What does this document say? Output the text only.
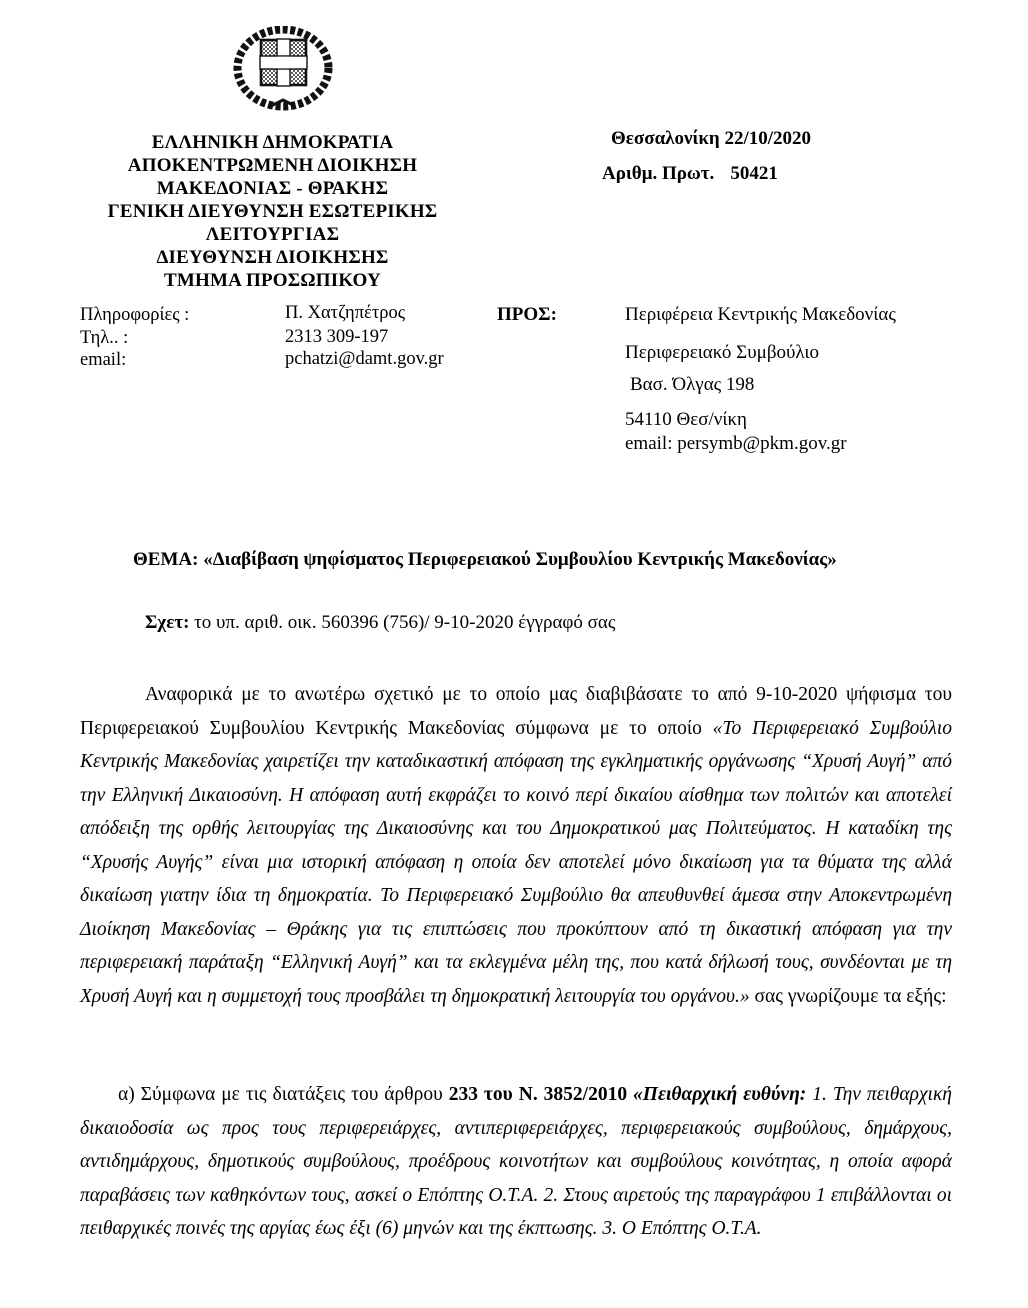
ΕΛΛΗΝΙΚΗ ΔΗΜΟΚΡΑΤΙΑ
ΑΠΟΚΕΝΤΡΩΜΕΝΗ ΔΙΟΙΚΗΣΗ
ΜΑΚΕΔΟΝΙΑΣ - ΘΡΑΚΗΣ
ΓΕΝΙΚΗ ΔΙΕΥΘΥΝΣΗ ΕΣΩΤΕΡΙΚΗΣ
ΛΕΙΤΟΥΡΓΙΑΣ
ΔΙΕΥΘΥΝΣΗ ΔΙΟΙΚΗΣΗΣ
ΤΜΗΜΑ ΠΡΟΣΩΠΙΚΟΥ
Θεσσαλονίκη 22/10/2020
Αριθμ. Πρωτ. 50421
Πληροφορίες :
Τηλ.. :
email:
Π. Χατζηπέτρος
2313 309-197
pchatzi@damt.gov.gr
ΠΡΟΣ:	Περιφέρεια Κεντρικής Μακεδονίας
Περιφερειακό Συμβούλιο
Βασ. Όλγας 198
54110 Θεσ/νίκη
email: persymb@pkm.gov.gr
ΘΕΜΑ: «Διαβίβαση ψηφίσματος Περιφερειακού Συμβουλίου Κεντρικής Μακεδονίας»
Σχετ: το υπ. αριθ. οικ. 560396 (756)/ 9-10-2020 έγγραφό σας
Αναφορικά με το ανωτέρω σχετικό με το οποίο μας διαβιβάσατε το από 9-10-2020 ψήφισμα του Περιφερειακού Συμβουλίου Κεντρικής Μακεδονίας σύμφωνα με το οποίο «Το Περιφερειακό Συμβούλιο Κεντρικής Μακεδονίας χαιρετίζει την καταδικαστική απόφαση της εγκληματικής οργάνωσης “Χρυσή Αυγή” από την Ελληνική Δικαιοσύνη. Η απόφαση αυτή εκφράζει το κοινό περί δικαίου αίσθημα των πολιτών και αποτελεί απόδειξη της ορθής λειτουργίας της Δικαιοσύνης και του Δημοκρατικού μας Πολιτεύματος. Η καταδίκη της “Χρυσής Αυγής” είναι μια ιστορική απόφαση η οποία δεν αποτελεί μόνο δικαίωση για τα θύματα της αλλά δικαίωση γιατην ίδια τη δημοκρατία. Το Περιφερειακό Συμβούλιο θα απευθυνθεί άμεσα στην Αποκεντρωμένη Διοίκηση Μακεδονίας – Θράκης για τις επιπτώσεις που προκύπτουν από τη δικαστική απόφαση για την περιφερειακή παράταξη “Ελληνική Αυγή” και τα εκλεγμένα μέλη της, που κατά δήλωσή τους, συνδέονται με τη Χρυσή Αυγή και η συμμετοχή τους προσβάλει τη δημοκρατική λειτουργία του οργάνου.» σας γνωρίζουμε τα εξής:
α) Σύμφωνα με τις διατάξεις του άρθρου 233 του Ν. 3852/2010 «Πειθαρχική ευθύνη: 1. Την πειθαρχική δικαιοδοσία ως προς τους περιφερειάρχες, αντιπεριφερειάρχες, περιφερειακούς συμβούλους, δημάρχους, αντιδημάρχους, δημοτικούς συμβούλους, προέδρους κοινοτήτων και συμβούλους κοινότητας, η οποία αφορά παραβάσεις των καθηκόντων τους, ασκεί ο Επόπτης Ο.Τ.Α. 2. Στους αιρετούς της παραγράφου 1 επιβάλλονται οι πειθαρχικές ποινές της αργίας έως έξι (6) μηνών και της έκπτωσης. 3. Ο Επόπτης Ο.Τ.Α.
